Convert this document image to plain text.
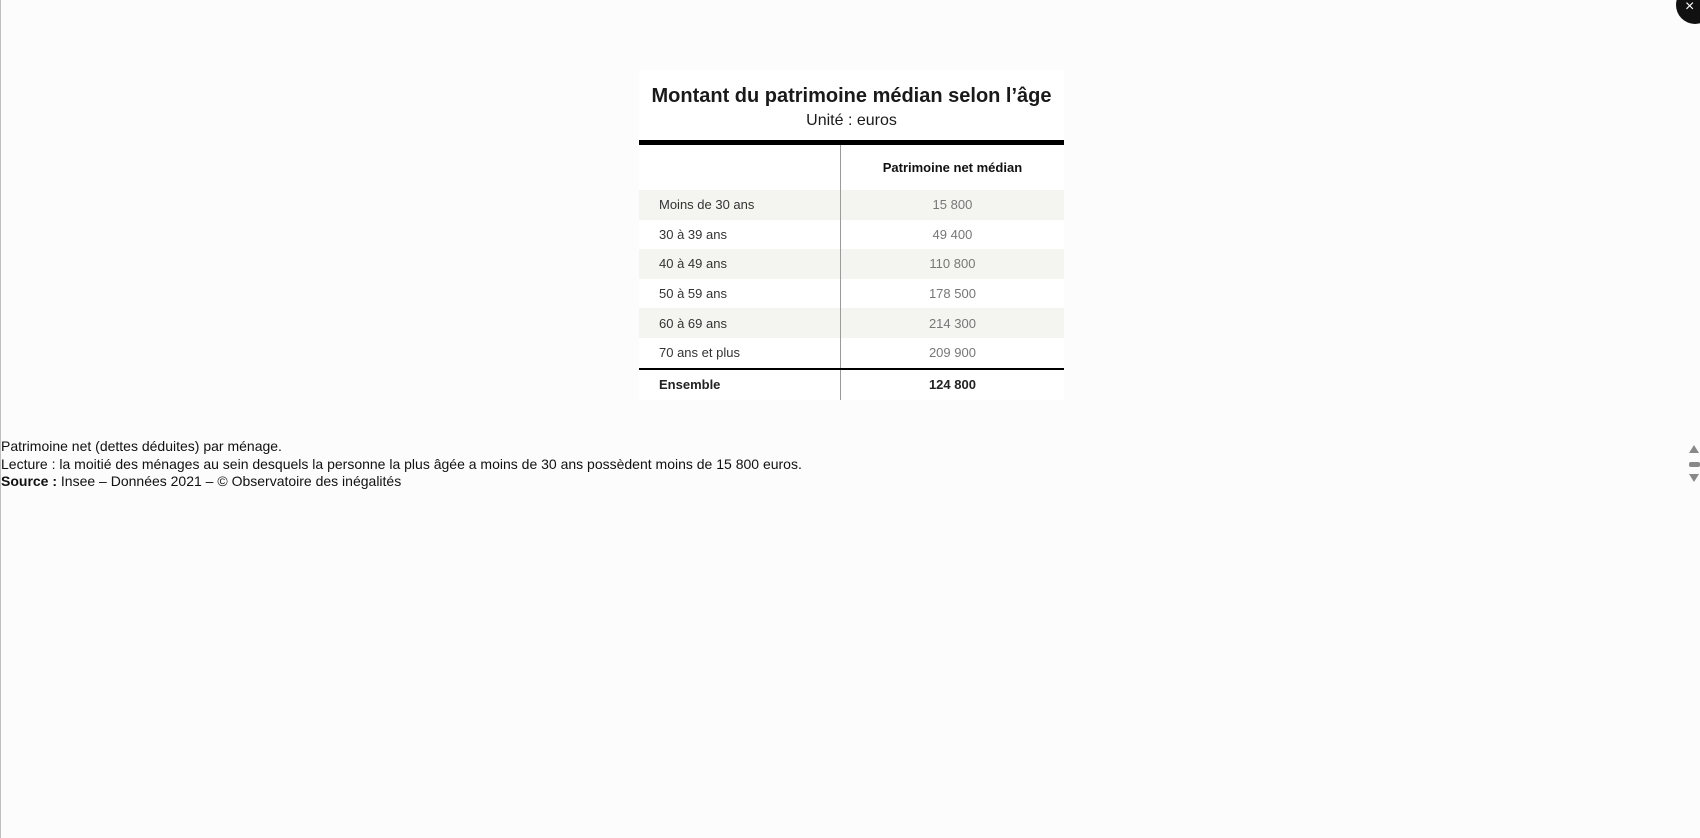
×
Montant du patrimoine médian selon l’âge
Unité : euros
	Patrimoine net médian
Moins de 30 ans	15 800
30 à 39 ans	49 400
40 à 49 ans	110 800
50 à 59 ans	178 500
60 à 69 ans	214 300
70 ans et plus	209 900
Ensemble	124 800
Patrimoine net (dettes déduites) par ménage.
Lecture : la moitié des ménages au sein desquels la personne la plus âgée a moins de 30 ans possèdent moins de 15 800 euros.
Source : Insee – Données 2021 – © Observatoire des inégalités
